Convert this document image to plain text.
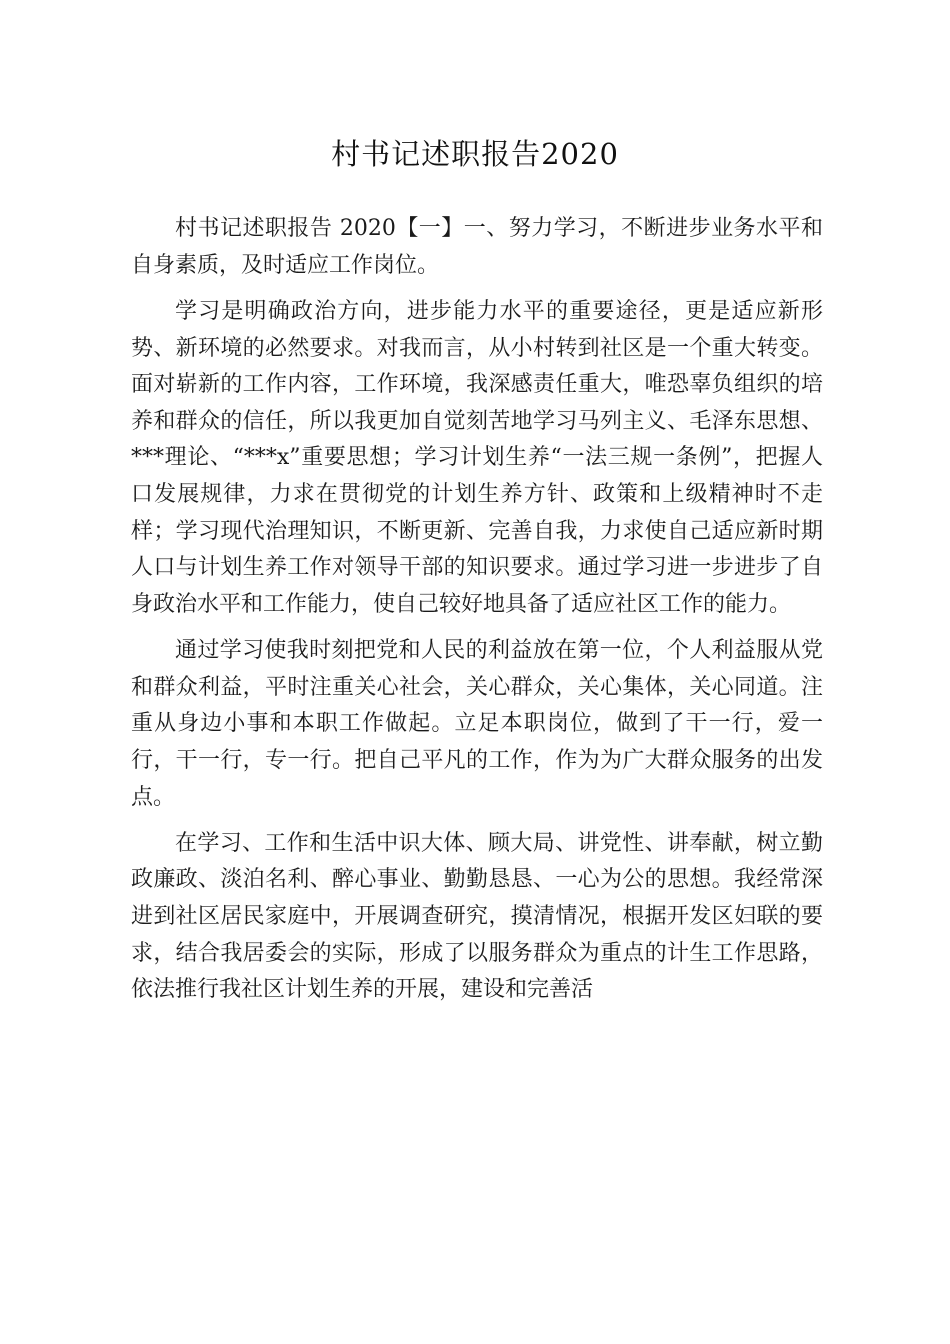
村书记述职报告2020

村书记述职报告 2020【一】一、努力学习，不断进步业务水平和自身素质，及时适应工作岗位。

学习是明确政治方向，进步能力水平的重要途径，更是适应新形势、新环境的必然要求。对我而言，从小村转到社区是一个重大转变。面对崭新的工作内容，工作环境，我深感责任重大，唯恐辜负组织的培养和群众的信任，所以我更加自觉刻苦地学习马列主义、毛泽东思想、***理论、“***x”重要思想；学习计划生养“一法三规一条例”，把握人口发展规律，力求在贯彻党的计划生养方针、政策和上级精神时不走样；学习现代治理知识，不断更新、完善自我，力求使自己适应新时期人口与计划生养工作对领导干部的知识要求。通过学习进一步进步了自身政治水平和工作能力，使自己较好地具备了适应社区工作的能力。

通过学习使我时刻把党和人民的利益放在第一位，个人利益服从党和群众利益，平时注重关心社会，关心群众，关心集体，关心同道。注重从身边小事和本职工作做起。立足本职岗位，做到了干一行，爱一行，干一行，专一行。把自己平凡的工作，作为为广大群众服务的出发点。

在学习、工作和生活中识大体、顾大局、讲党性、讲奉献，树立勤政廉政、淡泊名利、醉心事业、勤勤恳恳、一心为公的思想。我经常深进到社区居民家庭中，开展调查研究，摸清情况，根据开发区妇联的要求，结合我居委会的实际，形成了以服务群众为重点的计生工作思路，依法推行我社区计划生养的开展，建设和完善活
